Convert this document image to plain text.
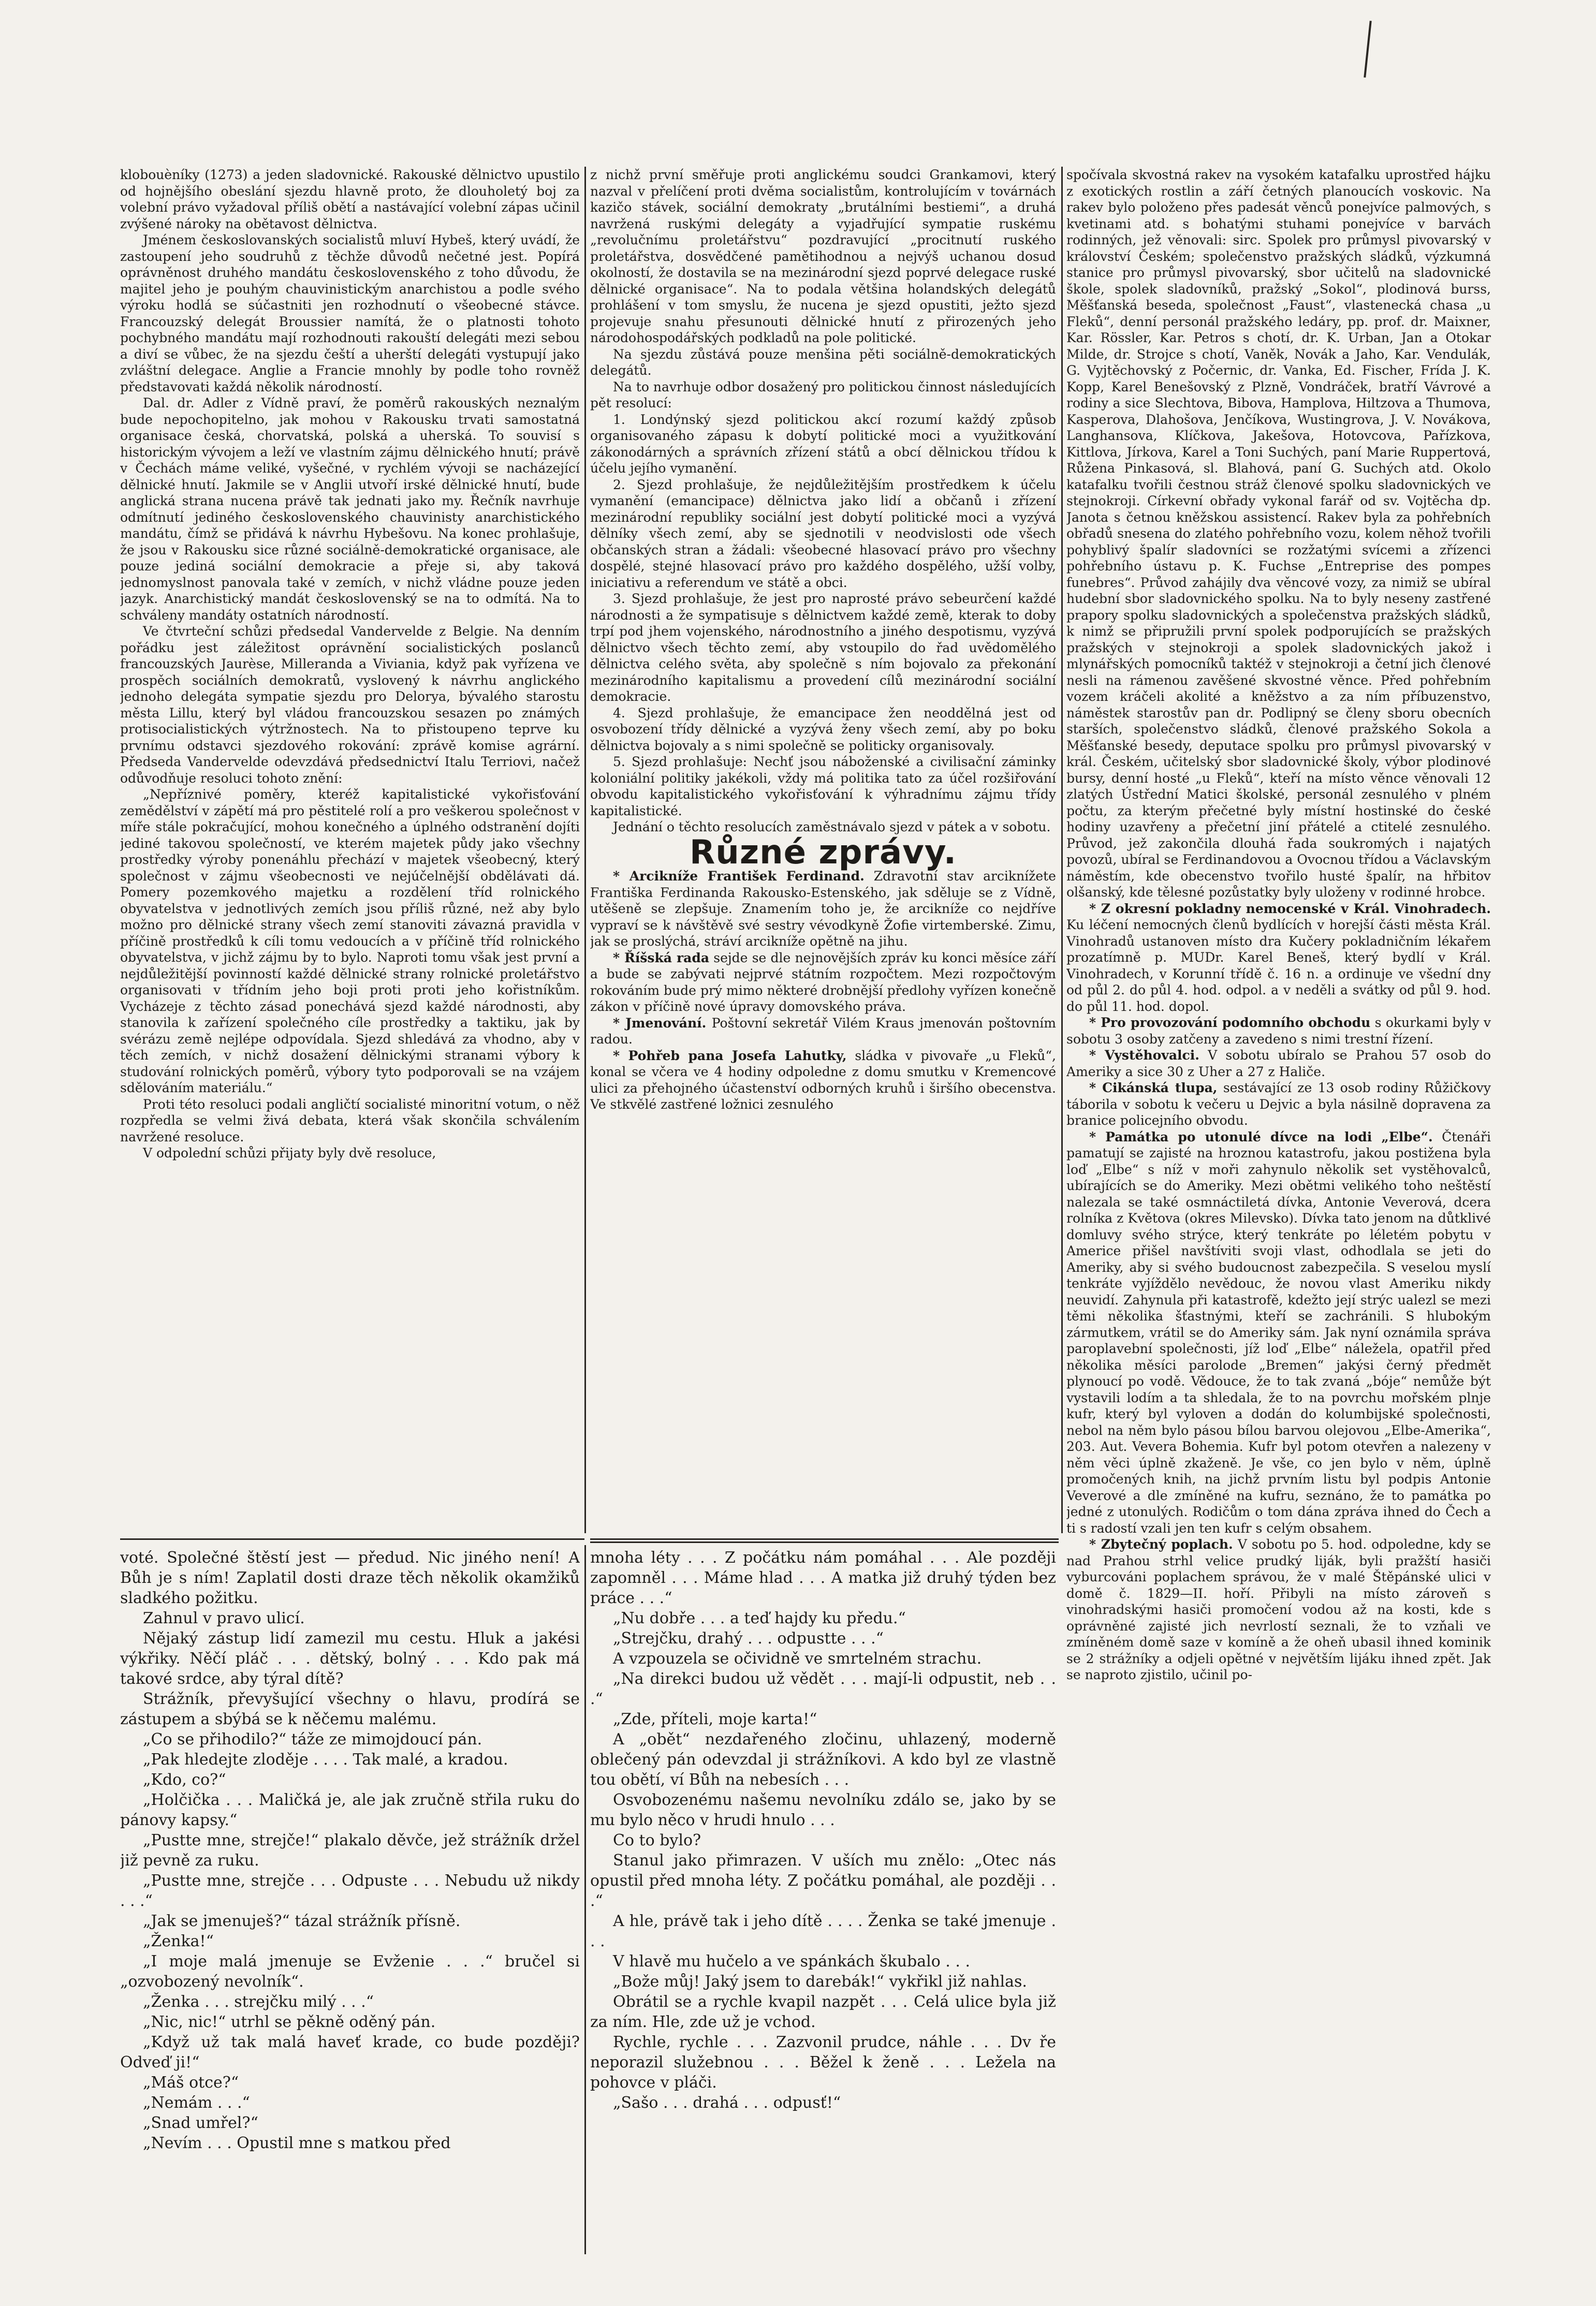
klobouèníky (1273) a jeden sladovnické. Rakouské dělnictvo upustilo od hojnějšího obeslání sjezdu hlavně proto, že dlouholetý boj za volební právo vyžadoval příliš obětí a nastávající volební zápas učinil zvýšené nároky na obětavost dělnictva.

Jménem českoslovanských socialistů mluví Hybeš, který uvádí, že zastoupení jeho soudruhů z těchže důvodů nečetné jest. Popírá oprávněnost druhého mandátu československého z toho důvodu, že majitel jeho je pouhým chauvinistickým anarchistou a podle svého výroku hodlá se súčastniti jen rozhodnutí o všeobecné stávce. Francouzský delegát Broussier namítá, že o platnosti tohoto pochybného mandátu mají rozhodnouti rakouští delegáti mezi sebou a diví se vůbec, že na sjezdu čeští a uherští delegáti vystupují jako zvláštní delegace. Anglie a Francie mnohly by podle toho rovněž představovati každá několik národností.

Dal. dr. Adler z Vídně praví, že poměrů rakouských neznalým bude nepochopitelno, jak mohou v Rakousku trvati samostatná organisace česká, chorvatská, polská a uherská. To souvisí s historickým vývojem a leží ve vlastním zájmu dělnického hnutí; právě v Čechách máme veliké, vyšečné, v rychlém vývoji se nacházející dělnické hnutí. Jakmile se v Anglii utvoří irské dělnické hnutí, bude anglická strana nucena právě tak jednati jako my. Řečník navrhuje odmítnutí jediného československého chauvinisty anarchistického mandátu, čímž se přidává k návrhu Hybešovu. Na konec prohlašuje, že jsou v Rakousku sice různé sociálně-demokratické organisace, ale pouze jediná sociální demokracie a přeje si, aby taková jednomyslnost panovala také v zemích, v nichž vládne pouze jeden jazyk. Anarchistický mandát československý se na to odmítá. Na to schváleny mandáty ostatních národností.

Ve čtvrteční schůzi předsedal Vandervelde z Belgie. Na denním pořádku jest záležitost oprávnění socialistických poslanců francouzských Jaurèse, Milleranda a Viviania, když pak vyřízena ve prospěch sociálních demokratů, vyslovený k návrhu anglického jednoho delegáta sympatie sjezdu pro Delorya, bývalého starostu města Lillu, který byl vládou francouzskou sesazen po známých protisocialistických výtržnostech. Na to přistoupeno teprve ku prvnímu odstavci sjezdového rokování: zprávě komise agrární. Předseda Vandervelde odevzdává předsednictví Italu Terriovi, načež odůvodňuje resoluci tohoto znění:

„Nepříznivé poměry, kteréž kapitalistické vykořisťování zemědělství v zápětí má pro pěstitelé rolí a pro veškerou společnost v míře stále pokračující, mohou konečného a úplného odstranění dojíti jediné takovou společností, ve kterém majetek půdy jako všechny prostředky výroby ponenáhlu přechází v majetek všeobecný, který společnost v zájmu všeobecnosti ve nejúčelnější obdělávati dá. Pomery pozemkového majetku a rozdělení tříd rolnického obyvatelstva v jednotlivých zemích jsou příliš různé, než aby bylo možno pro dělnické strany všech zemí stanoviti závazná pravidla v příčině prostředků k cíli tomu vedoucích a v příčině tříd rolnického obyvatelstva, v jichž zájmu by to bylo. Naproti tomu však jest první a nejdůležitější povinností každé dělnické strany rolnické proletářstvo organisovati v třídním jeho boji proti proti jeho kořistníkům. Vycházeje z těchto zásad ponechává sjezd každé národnosti, aby stanovila k zařízení společného cíle prostředky a taktiku, jak by svérázu země nejlépe odpovídala. Sjezd shledává za vhodno, aby v těch zemích, v nichž dosažení dělnickými stranami výbory k studování rolnických poměrů, výbory tyto podporovali se na vzájem sdělováním materiálu.“

Proti této resoluci podali angličtí socialisté minoritní votum, o něž rozpředla se velmi živá debata, která však skončila schválením navržené resoluce.

V odpolední schůzi přijaty byly dvě resoluce,

z nichž první směřuje proti anglickému soudci Grankamovi, který nazval v přelíčení proti dvěma socialistům, kontrolujícím v továrnách kazičo stávek, sociální demokraty „brutálními bestiemi“, a druhá navržená ruskými delegáty a vyjadřující sympatie ruskému „revolučnímu proletářstvu“ pozdravující „procitnutí ruského proletářstva, dosvědčené pamětihodnou a nejvýš uchanou dosud okolností, že dostavila se na mezinárodní sjezd poprvé delegace ruské dělnické organisace“. Na to podala většina holandských delegátů prohlášení v tom smyslu, že nucena je sjezd opustiti, ježto sjezd projevuje snahu přesunouti dělnické hnutí z přirozených jeho národohospodářských podkladů na pole politické.

Na sjezdu zůstává pouze menšina pěti sociálně-demokratických delegátů.

Na to navrhuje odbor dosažený pro politickou činnost následujících pět resolucí:

1. Londýnský sjezd politickou akcí rozumí každý způsob organisovaného zápasu k dobytí politické moci a využitkování zákonodárných a správních zřízení států a obcí dělnickou třídou k účelu jejího vymanění.

2. Sjezd prohlašuje, že nejdůležitějším prostředkem k účelu vymanění (emancipace) dělnictva jako lidí a občanů i zřízení mezinárodní republiky sociální jest dobytí politické moci a vyzývá dělníky všech zemí, aby se sjednotili v neodvislosti ode všech občanských stran a žádali: všeobecné hlasovací právo pro všechny dospělé, stejné hlasovací právo pro každého dospělého, užší volby, iniciativu a referendum ve státě a obci.

3. Sjezd prohlašuje, že jest pro naprosté právo sebeurčení každé národnosti a že sympatisuje s dělnictvem každé země, kterak to doby trpí pod jhem vojenského, národnostního a jiného despotismu, vyzývá dělnictvo všech těchto zemí, aby vstoupilo do řad uvědomělého dělnictva celého světa, aby společně s ním bojovalo za překonání mezinárodního kapitalismu a provedení cílů mezinárodní sociální demokracie.

4. Sjezd prohlašuje, že emancipace žen neoddělná jest od osvobození třídy dělnické a vyzývá ženy všech zemí, aby po boku dělnictva bojovaly a s nimi společně se politicky organisovaly.

5. Sjezd prohlašuje: Nechť jsou náboženské a civilisační záminky koloniální politiky jakékoli, vždy má politika tato za účel rozšiřování obvodu kapitalistického vykořisťování k výhradnímu zájmu třídy kapitalistické.

Jednání o těchto resolucích zaměstnávalo sjezd v pátek a v sobotu.

Různé zprávy.

* Arcikníže František Ferdinand. Zdravotní stav arciknížete Františka Ferdinanda Rakousko-Estenského, jak sděluje se z Vídně, utěšeně se zlepšuje. Znamením toho je, že arcikníže co nejdříve vypraví se k návštěvě své sestry vévodkyně Žofie virtemberské. Zimu, jak se proslýchá, stráví arcikníže opětně na jihu.

* Říšská rada sejde se dle nejnovějších zpráv ku konci měsíce září a bude se zabývati nejprvé státním rozpočtem. Mezi rozpočtovým rokováním bude prý mimo některé drobnější předlohy vyřízen konečně zákon v příčině nové úpravy domovského práva.

* Jmenování. Poštovní sekretář Vilém Kraus jmenován poštovním radou.

* Pohřeb pana Josefa Lahutky, sládka v pivovaře „u Fleků“, konal se včera ve 4 hodiny odpoledne z domu smutku v Kremencové ulici za přehojného účastenství odborných kruhů i širšího obecenstva. Ve stkvělé zastřené ložnici zesnulého

spočívala skvostná rakev na vysokém katafalku uprostřed hájku z exotických rostlin a září četných planoucích voskovic. Na rakev bylo položeno přes padesát věnců ponejvíce palmových, s kvetinami atd. s bohatými stuhami ponejvíce v barvách rodinných, jež věnovali: sirc. Spolek pro průmysl pivovarský v království Českém; společenstvo pražských sládků, výzkumná stanice pro průmysl pivovarský, sbor učitelů na sladovnické škole, spolek sladovníků, pražský „Sokol“, plodinová burss, Měšťanská beseda, společnost „Faust“, vlastenecká chasa „u Fleků“, denní personál pražského ledáry, pp. prof. dr. Maixner, Kar. Rössler, Kar. Petros s chotí, dr. K. Urban, Jan a Otokar Milde, dr. Strojce s chotí, Vaněk, Novák a Jaho, Kar. Vendulák, G. Vyjtěchovský z Počernic, dr. Vanka, Ed. Fischer, Frída J. K. Kopp, Karel Benešovský z Plzně, Vondráček, bratří Vávrové a rodiny a sice Slechtova, Bibova, Hamplova, Hiltzova a Thumova, Kasperova, Dlahošova, Jenčíkova, Wustingrova, J. V. Novákova, Langhansova, Klíčkova, Jakešova, Hotovcova, Pařízkova, Kittlova, Jírkova, Karel a Toni Suchých, paní Marie Ruppertová, Růžena Pinkasová, sl. Blahová, paní G. Suchých atd. Okolo katafalku tvořili čestnou stráž členové spolku sladovnických ve stejnokroji. Církevní obřady vykonal farář od sv. Vojtěcha dp. Janota s četnou kněžskou assistencí. Rakev byla za pohřebních obřadů snesena do zlatého pohřebního vozu, kolem něhož tvořili pohyblivý špalír sladovníci se rozžatými svícemi a zřízenci pohřebního ústavu p. K. Fuchse „Entreprise des pompes funebres“. Průvod zahájily dva věncové vozy, za nimiž se ubíral hudební sbor sladovnického spolku. Na to byly neseny zastřené prapory spolku sladovnických a společenstva pražských sládků, k nimž se připružili první spolek podporujících se pražských pražských v stejnokroji a spolek sladovnických jakož i mlynářských pomocníků taktéž v stejnokroji a četní jich členové nesli na rámenou zavěšené skvostné věnce. Před pohřebním vozem kráčeli akolité a kněžstvo a za ním příbuzenstvo, náměstek starostův pan dr. Podlipný se členy sboru obecních starších, společenstvo sládků, členové pražského Sokola a Měšťanské besedy, deputace spolku pro průmysl pivovarský v král. Českém, učitelský sbor sladovnické školy, výbor plodinové bursy, denní hosté „u Fleků“, kteří na místo věnce věnovali 12 zlatých Ústřední Matici školské, personál zesnulého v plném počtu, za kterým přečetné byly místní hostinské do české hodiny uzavřeny a přečetní jiní přátelé a ctitelé zesnulého. Průvod, jež zakončila dlouhá řada soukromých i najatých povozů, ubíral se Ferdinandovou a Ovocnou třídou a Václavským náměstím, kde obecenstvo tvořilo husté špalír, na hřbitov olšanský, kde tělesné pozůstatky byly uloženy v rodinné hrobce.

* Z okresní pokladny nemocenské v Král. Vinohradech. Ku léčení nemocných členů bydlících v horejší části města Král. Vinohradů ustanoven místo dra Kučery pokladničním lékařem prozatímně p. MUDr. Karel Beneš, který bydlí v Král. Vinohradech, v Korunní třídě č. 16 n. a ordinuje ve všední dny od půl 2. do půl 4. hod. odpol. a v neděli a svátky od půl 9. hod. do půl 11. hod. dopol.

* Pro provozování podomního obchodu s okurkami byly v sobotu 3 osoby zatčeny a zavedeno s nimi trestní řízení.

* Vystěhovalci. V sobotu ubíralo se Prahou 57 osob do Ameriky a sice 30 z Uher a 27 z Haliče.

* Cikánská tlupa, sestávající ze 13 osob rodiny Růžičkovy táborila v sobotu k večeru u Dejvic a byla násilně dopravena za branice policejního obvodu.

* Památka po utonulé dívce na lodi „Elbe“. Čtenáři pamatují se zajisté na hroznou katastrofu, jakou postižena byla loď „Elbe“ s níž v moři zahynulo několik set vystěhovalců, ubírajících se do Ameriky. Mezi obětmi velikého toho neštěstí nalezala se také osmnáctiletá dívka, Antonie Veverová, dcera rolníka z Květova (okres Milevsko). Dívka tato jenom na důtklivé domluvy svého strýce, který tenkráte po léletém pobytu v Americe přišel navštíviti svoji vlast, odhodlala se jeti do Ameriky, aby si svého budoucnost zabezpečila. S veselou myslí tenkráte vyjíždělo nevědouc, že novou vlast Ameriku nikdy neuvidí. Zahynula při katastrofě, kdežto její strýc ualezl se mezi těmi několika šťastnými, kteří se zachránili. S hlubokým zármutkem, vrátil se do Ameriky sám. Jak nyní oznámila správa paroplavební společnosti, jíž loď „Elbe“ náležela, opatřil před několika měsíci parolode „Bremen“ jakýsi černý předmět plynoucí po vodě. Vědouce, že to tak zvaná „bóje“ nemůže být vystavili lodím a ta shledala, že to na povrchu mořském plnje kufr, který byl vyloven a dodán do kolumbijské společnosti, nebol na něm bylo pásou bílou barvou olejovou „Elbe-Amerika“, 203. Aut. Vevera Bohemia. Kufr byl potom otevřen a nalezeny v něm věci úplně zkaženě. Je vše, co jen bylo v něm, úplně promočených knih, na jichž prvním listu byl podpis Antonie Veverové a dle zmíněné na kufru, seznáno, že to památka po jedné z utonulých. Rodičům o tom dána zpráva ihned do Čech a ti s radostí vzali jen ten kufr s celým obsahem.

* Zbytečný poplach. V sobotu po 5. hod. odpoledne, kdy se nad Prahou strhl velice prudký liják, byli pražští hasiči vyburcováni poplachem správou, že v malé Štěpánské ulici v domě č. 1829—II. hoří. Přibyli na místo zároveň s vinohradskými hasiči promočení vodou až na kosti, kde s oprávněné zajisté jich nevrlostí seznali, že to vzňali ve zmíněném domě saze v komíně a že oheň ubasil ihned kominik se 2 strážníky a odjeli opětné v největším lijáku ihned zpět. Jak se naproto zjistilo, učinil po-

voté. Společné štěstí jest — předud. Nic jiného není! A Bůh je s ním! Zaplatil dosti draze těch několik okamžiků sladkého požitku.

Zahnul v pravo ulicí.

Nějaký zástup lidí zamezil mu cestu. Hluk a jakési výkřiky. Něčí pláč . . . dětský, bolný . . . Kdo pak má takové srdce, aby týral dítě?

Strážník, převyšující všechny o hlavu, prodírá se zástupem a sbýbá se k něčemu malému.

„Co se přihodilo?“ táže ze mimojdoucí pán.

„Pak hledejte zloděje . . . . Tak malé, a kradou.

„Kdo, co?“

„Holčička . . . Maličká je, ale jak zručně střila ruku do pánovy kapsy.“

„Pustte mne, strejče!“ plakalo děvče, jež strážník držel již pevně za ruku.

„Pustte mne, strejče . . . Odpuste . . . Nebudu už nikdy . . .“

„Jak se jmenuješ?“ tázal strážník přísně.

„Ženka!“

„I moje malá jmenuje se Evženie . . .“ bručel si „ozvobozený nevolník“.

„Ženka . . . strejčku milý . . .“

„Nic, nic!“ utrhl se pěkně oděný pán.

„Když už tak malá haveť krade, co bude později? Odveď ji!“

„Máš otce?“

„Nemám . . .“

„Snad umřel?“

„Nevím . . . Opustil mne s matkou před

mnoha léty . . . Z počátku nám pomáhal . . . Ale později zapomněl . . . Máme hlad . . . A matka již druhý týden bez práce . . .“

„Nu dobře . . . a teď hajdy ku předu.“

„Strejčku, drahý . . . odpustte . . .“

A vzpouzela se očividně ve smrtelném strachu.

„Na direkci budou už vědět . . . mají-li odpustit, neb . . .“

„Zde, příteli, moje karta!“

A „obět“ nezdařeného zločinu, uhlazený, moderně oblečený pán odevzdal ji strážníkovi. A kdo byl ze vlastně tou obětí, ví Bůh na nebesích . . .

Osvobozenému našemu nevolníku zdálo se, jako by se mu bylo něco v hrudi hnulo . . .

Co to bylo?

Stanul jako přimrazen. V uších mu znělo: „Otec nás opustil před mnoha léty. Z počátku pomáhal, ale později . . .“

A hle, právě tak i jeho dítě . . . . Ženka se také jmenuje . . .

V hlavě mu hučelo a ve spánkách škubalo . . .

„Bože můj! Jaký jsem to darebák!“ vykřikl již nahlas.

Obrátil se a rychle kvapil nazpět . . . Celá ulice byla již za ním. Hle, zde už je vchod.

Rychle, rychle . . . Zazvonil prudce, náhle . . . Dv ře neporazil služebnou . . . Běžel k ženě . . . Ležela na pohovce v pláči.

„Sašo . . . drahá . . . odpusť!“
